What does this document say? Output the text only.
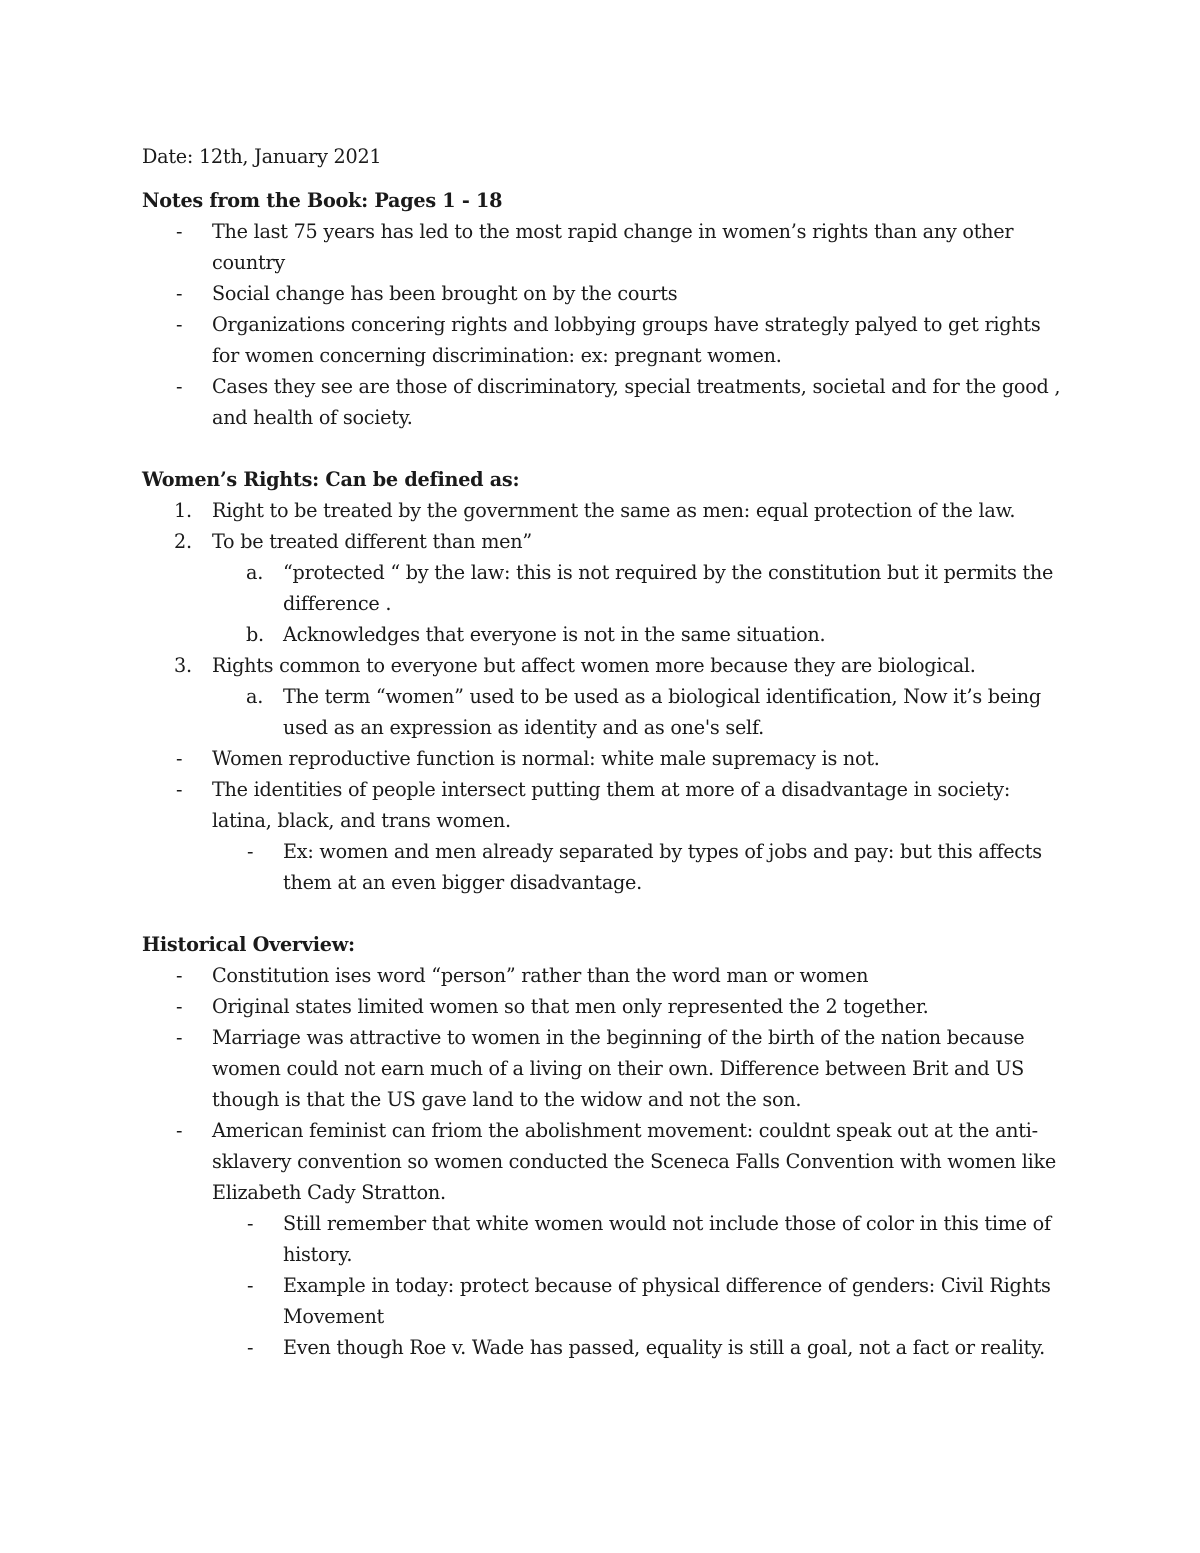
Date: 12th, January 2021

Notes from the Book: Pages 1 - 18

- The last 75 years has led to the most rapid change in women’s rights than any other country
- Social change has been brought on by the courts
- Organizations concering rights and lobbying groups have strategly palyed to get rights for women concerning discrimination: ex: pregnant women.
- Cases they see are those of discriminatory, special treatments, societal and for the good , and health of society.

Women’s Rights: Can be defined as:

1. Right to be treated by the government the same as men: equal protection of the law.
2. To be treated different than men”
a. “protected “ by the law: this is not required by the constitution but it permits the difference .
b. Acknowledges that everyone is not in the same situation.
3. Rights common to everyone but affect women more because they are biological.
a. The term “women” used to be used as a biological identification, Now it’s being used as an expression as identity and as one's self.
- Women reproductive function is normal: white male supremacy is not.
- The identities of people intersect putting them at more of a disadvantage in society: latina, black, and trans women.
- Ex: women and men already separated by types of jobs and pay: but this affects them at an even bigger disadvantage.

Historical Overview:

- Constitution ises word “person” rather than the word man or women
- Original states limited women so that men only represented the 2 together.
- Marriage was attractive to women in the beginning of the birth of the nation because women could not earn much of a living on their own. Difference between Brit and US though is that the US gave land to the widow and not the son.
- American feminist can friom the abolishment movement: couldnt speak out at the anti-sklavery convention so women conducted the Sceneca Falls Convention with women like Elizabeth Cady Stratton.
- Still remember that white women would not include those of color in this time of history.
- Example in today: protect because of physical difference of genders: Civil Rights Movement
- Even though Roe v. Wade has passed, equality is still a goal, not a fact or reality.
